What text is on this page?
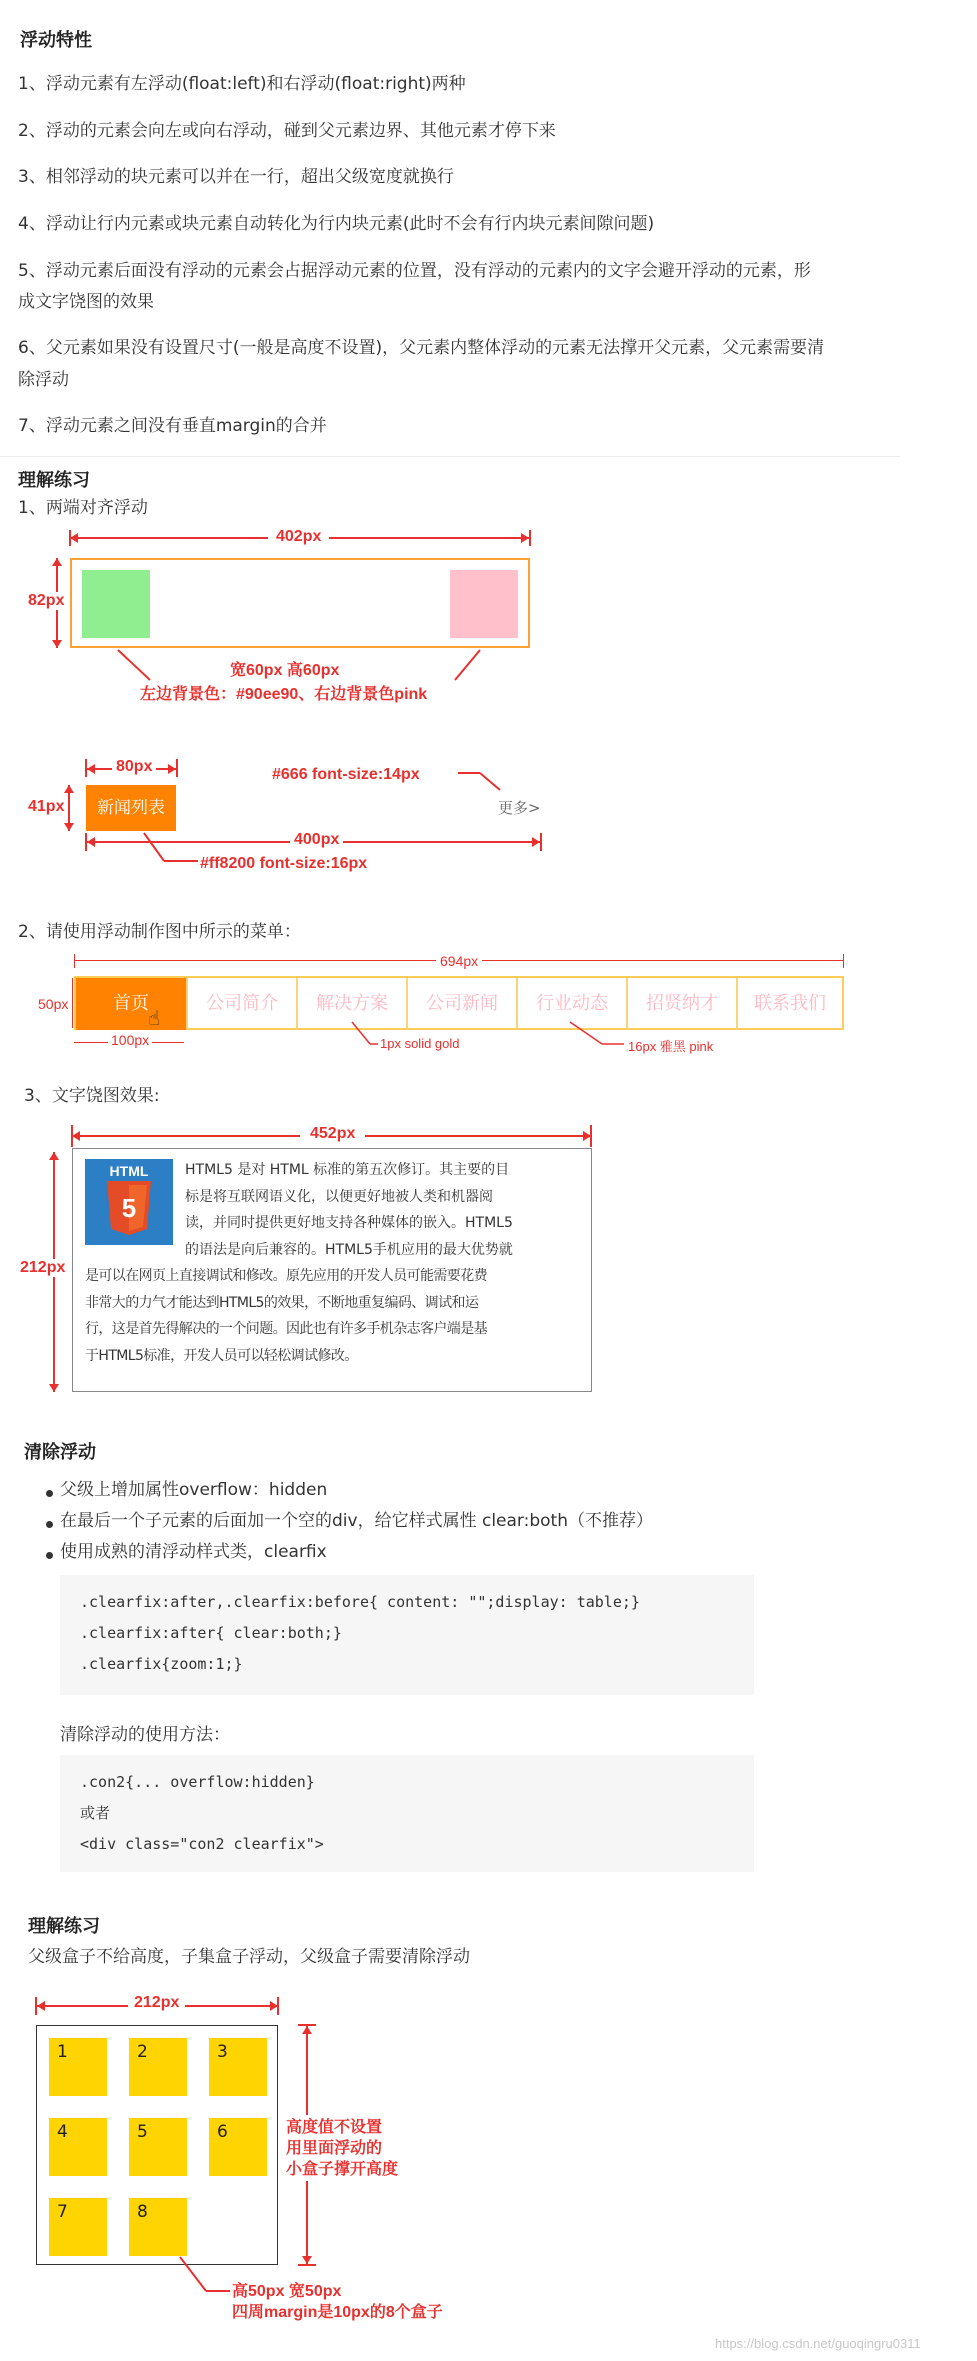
浮动特性
1、浮动元素有左浮动(float:left)和右浮动(float:right)两种
2、浮动的元素会向左或向右浮动，碰到父元素边界、其他元素才停下来
3、相邻浮动的块元素可以并在一行，超出父级宽度就换行
4、浮动让行内元素或块元素自动转化为行内块元素(此时不会有行内块元素间隙问题)
5、浮动元素后面没有浮动的元素会占据浮动元素的位置，没有浮动的元素内的文字会避开浮动的元素，形
成文字饶图的效果
6、父元素如果没有设置尺寸(一般是高度不设置)，父元素内整体浮动的元素无法撑开父元素，父元素需要清
除浮动
7、浮动元素之间没有垂直margin的合并
理解练习
1、两端对齐浮动
402px
82px
宽60px 高60px
左边背景色：#90ee90、右边背景色pink
80px	#666 font-size:14px
41px	新闻列表	更多>
400px
#ff8200 font-size:16px
2、请使用浮动制作图中所示的菜单：
694px
50px	首页	公司简介	解决方案	公司新闻	行业动态	招贤纳才	联系我们
☝
100px	1px solid gold	16px 雅黑 pink
3、文字饶图效果:
452px
212px
HTML
5
HTML5 是对 HTML 标准的第五次修订。其主要的目
标是将互联网语义化，以便更好地被人类和机器阅
读，并同时提供更好地支持各种媒体的嵌入。HTML5
的语法是向后兼容的。HTML5手机应用的最大优势就
是可以在网页上直接调试和修改。原先应用的开发人员可能需要花费
非常大的力气才能达到HTML5的效果，不断地重复编码、调试和运
行，这是首先得解决的一个问题。因此也有许多手机杂志客户端是基
于HTML5标准，开发人员可以轻松调试修改。
清除浮动
父级上增加属性overflow：hidden
在最后一个子元素的后面加一个空的div，给它样式属性 clear:both（不推荐）
使用成熟的清浮动样式类，clearfix
.clearfix:after,.clearfix:before{ content: "";display: table;}
.clearfix:after{ clear:both;}
.clearfix{zoom:1;}
清除浮动的使用方法：
.con2{... overflow:hidden}
或者
<div class="con2 clearfix">
理解练习
父级盒子不给高度，子集盒子浮动，父级盒子需要清除浮动
212px
1	2	3
4	5	6
7	8
高度值不设置
用里面浮动的
小盒子撑开高度
高50px 宽50px
四周margin是10px的8个盒子
https://blog.csdn.net/guoqingru0311
